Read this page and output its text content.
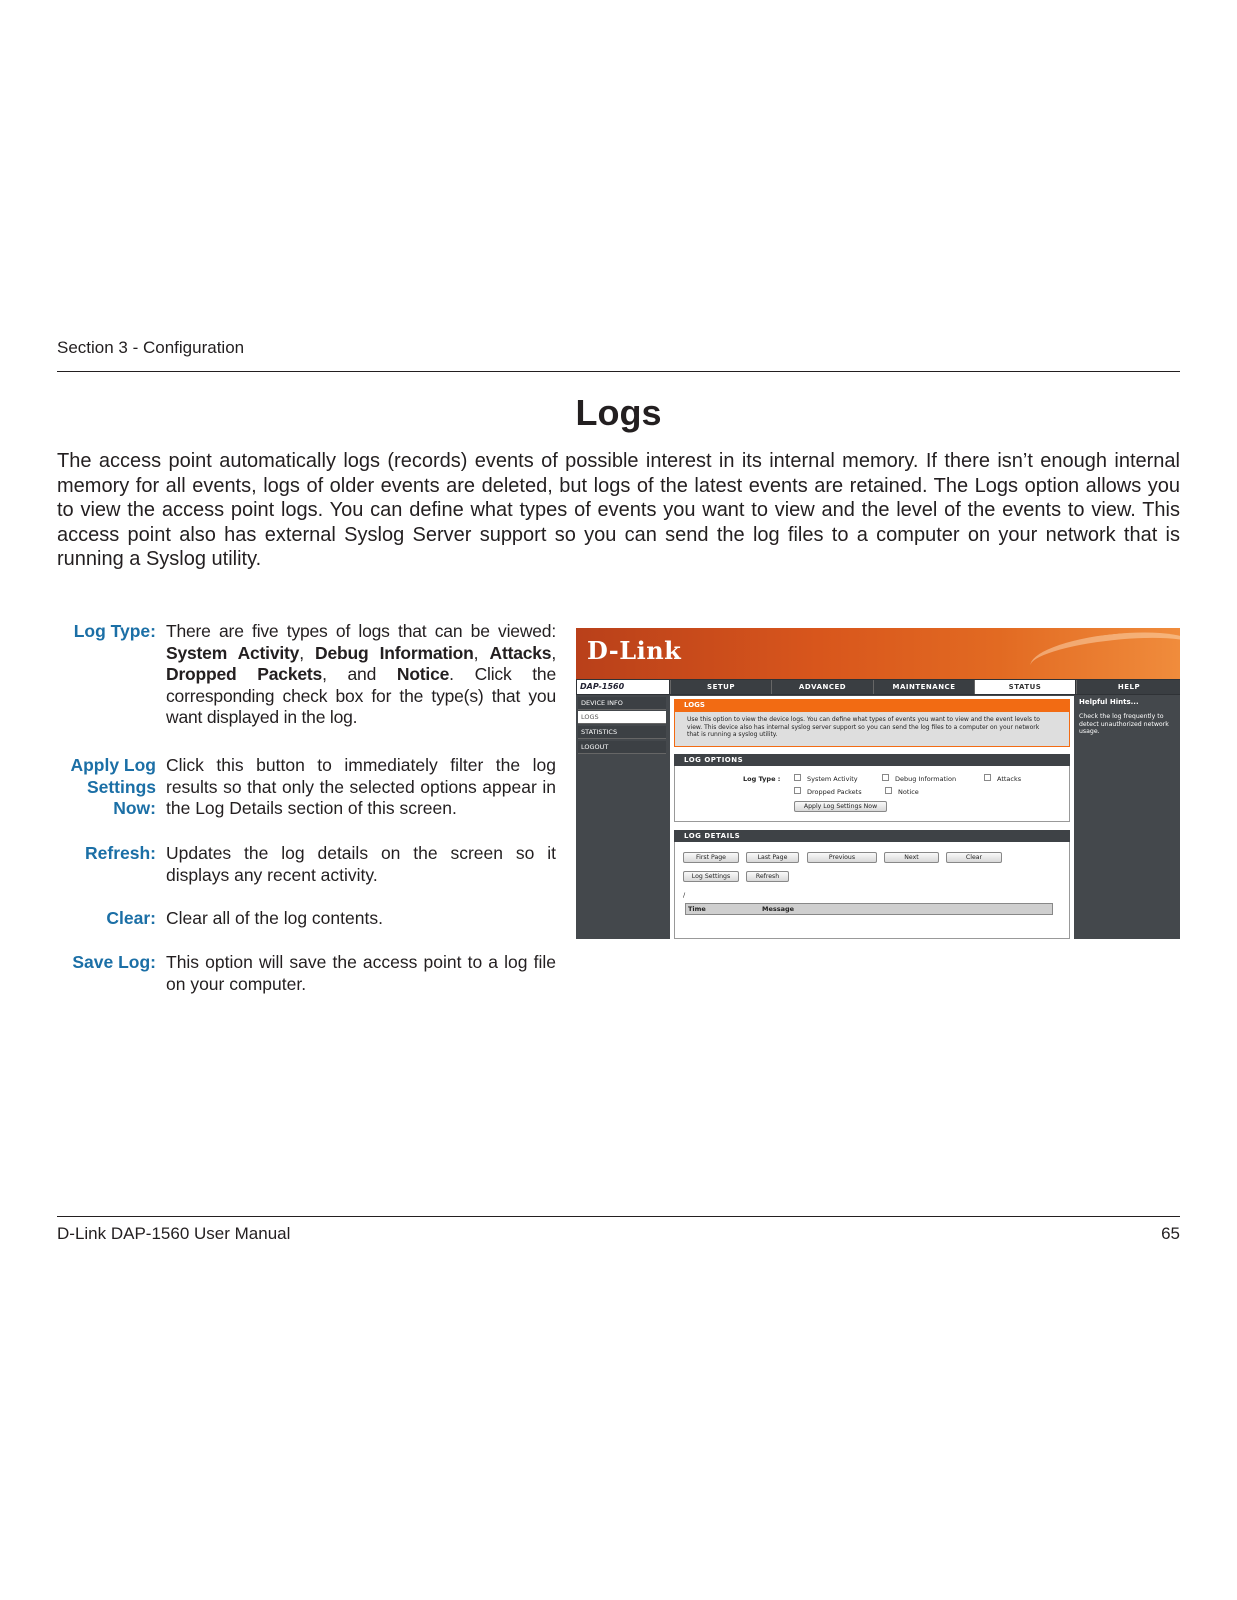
Section 3 - Configuration
Logs
The access point automatically logs (records) events of possible interest in its internal memory. If there isn’t enough internal memory for all events, logs of older events are deleted, but logs of the latest events are retained. The Logs option allows you to view the access point logs. You can define what types of events you want to view and the level of the events to view. This access point also has external Syslog Server support so you can send the log files to a computer on your network that is running a Syslog utility.
Log Type: There are five types of logs that can be viewed: System Activity, Debug Information, Attacks, Dropped Packets, and Notice. Click the corresponding check box for the type(s) that you want displayed in the log.
Apply Log
Settings Now:
Click this button to immediately filter the log results so that only the selected options appear in the Log Details section of this screen.
Refresh: Updates the log details on the screen so it displays any recent activity.
Clear: Clear all of the log contents.
Save Log: This option will save the access point to a log file on your computer.
D-Link
DAP-1560	SETUP	ADVANCED	MAINTENANCE	STATUS	HELP
DEVICE INFO
LOGS
STATISTICS
LOGOUT
LOGS
Use this option to view the device logs. You can define what types of events you want to view and the event levels to view. This device also has internal syslog server support so you can send the log files to a computer on your network that is running a syslog utility.
LOG OPTIONS
Log Type :	System Activity	Debug Information	Attacks
Dropped Packets	Notice
Apply Log Settings Now
LOG DETAILS
First Page	Last Page	Previous	Next	Clear
Log Settings	Refresh
/
Time	Message
Helpful Hints...
Check the log frequently to detect unauthorized network usage.
D-Link DAP-1560 User Manual	65
